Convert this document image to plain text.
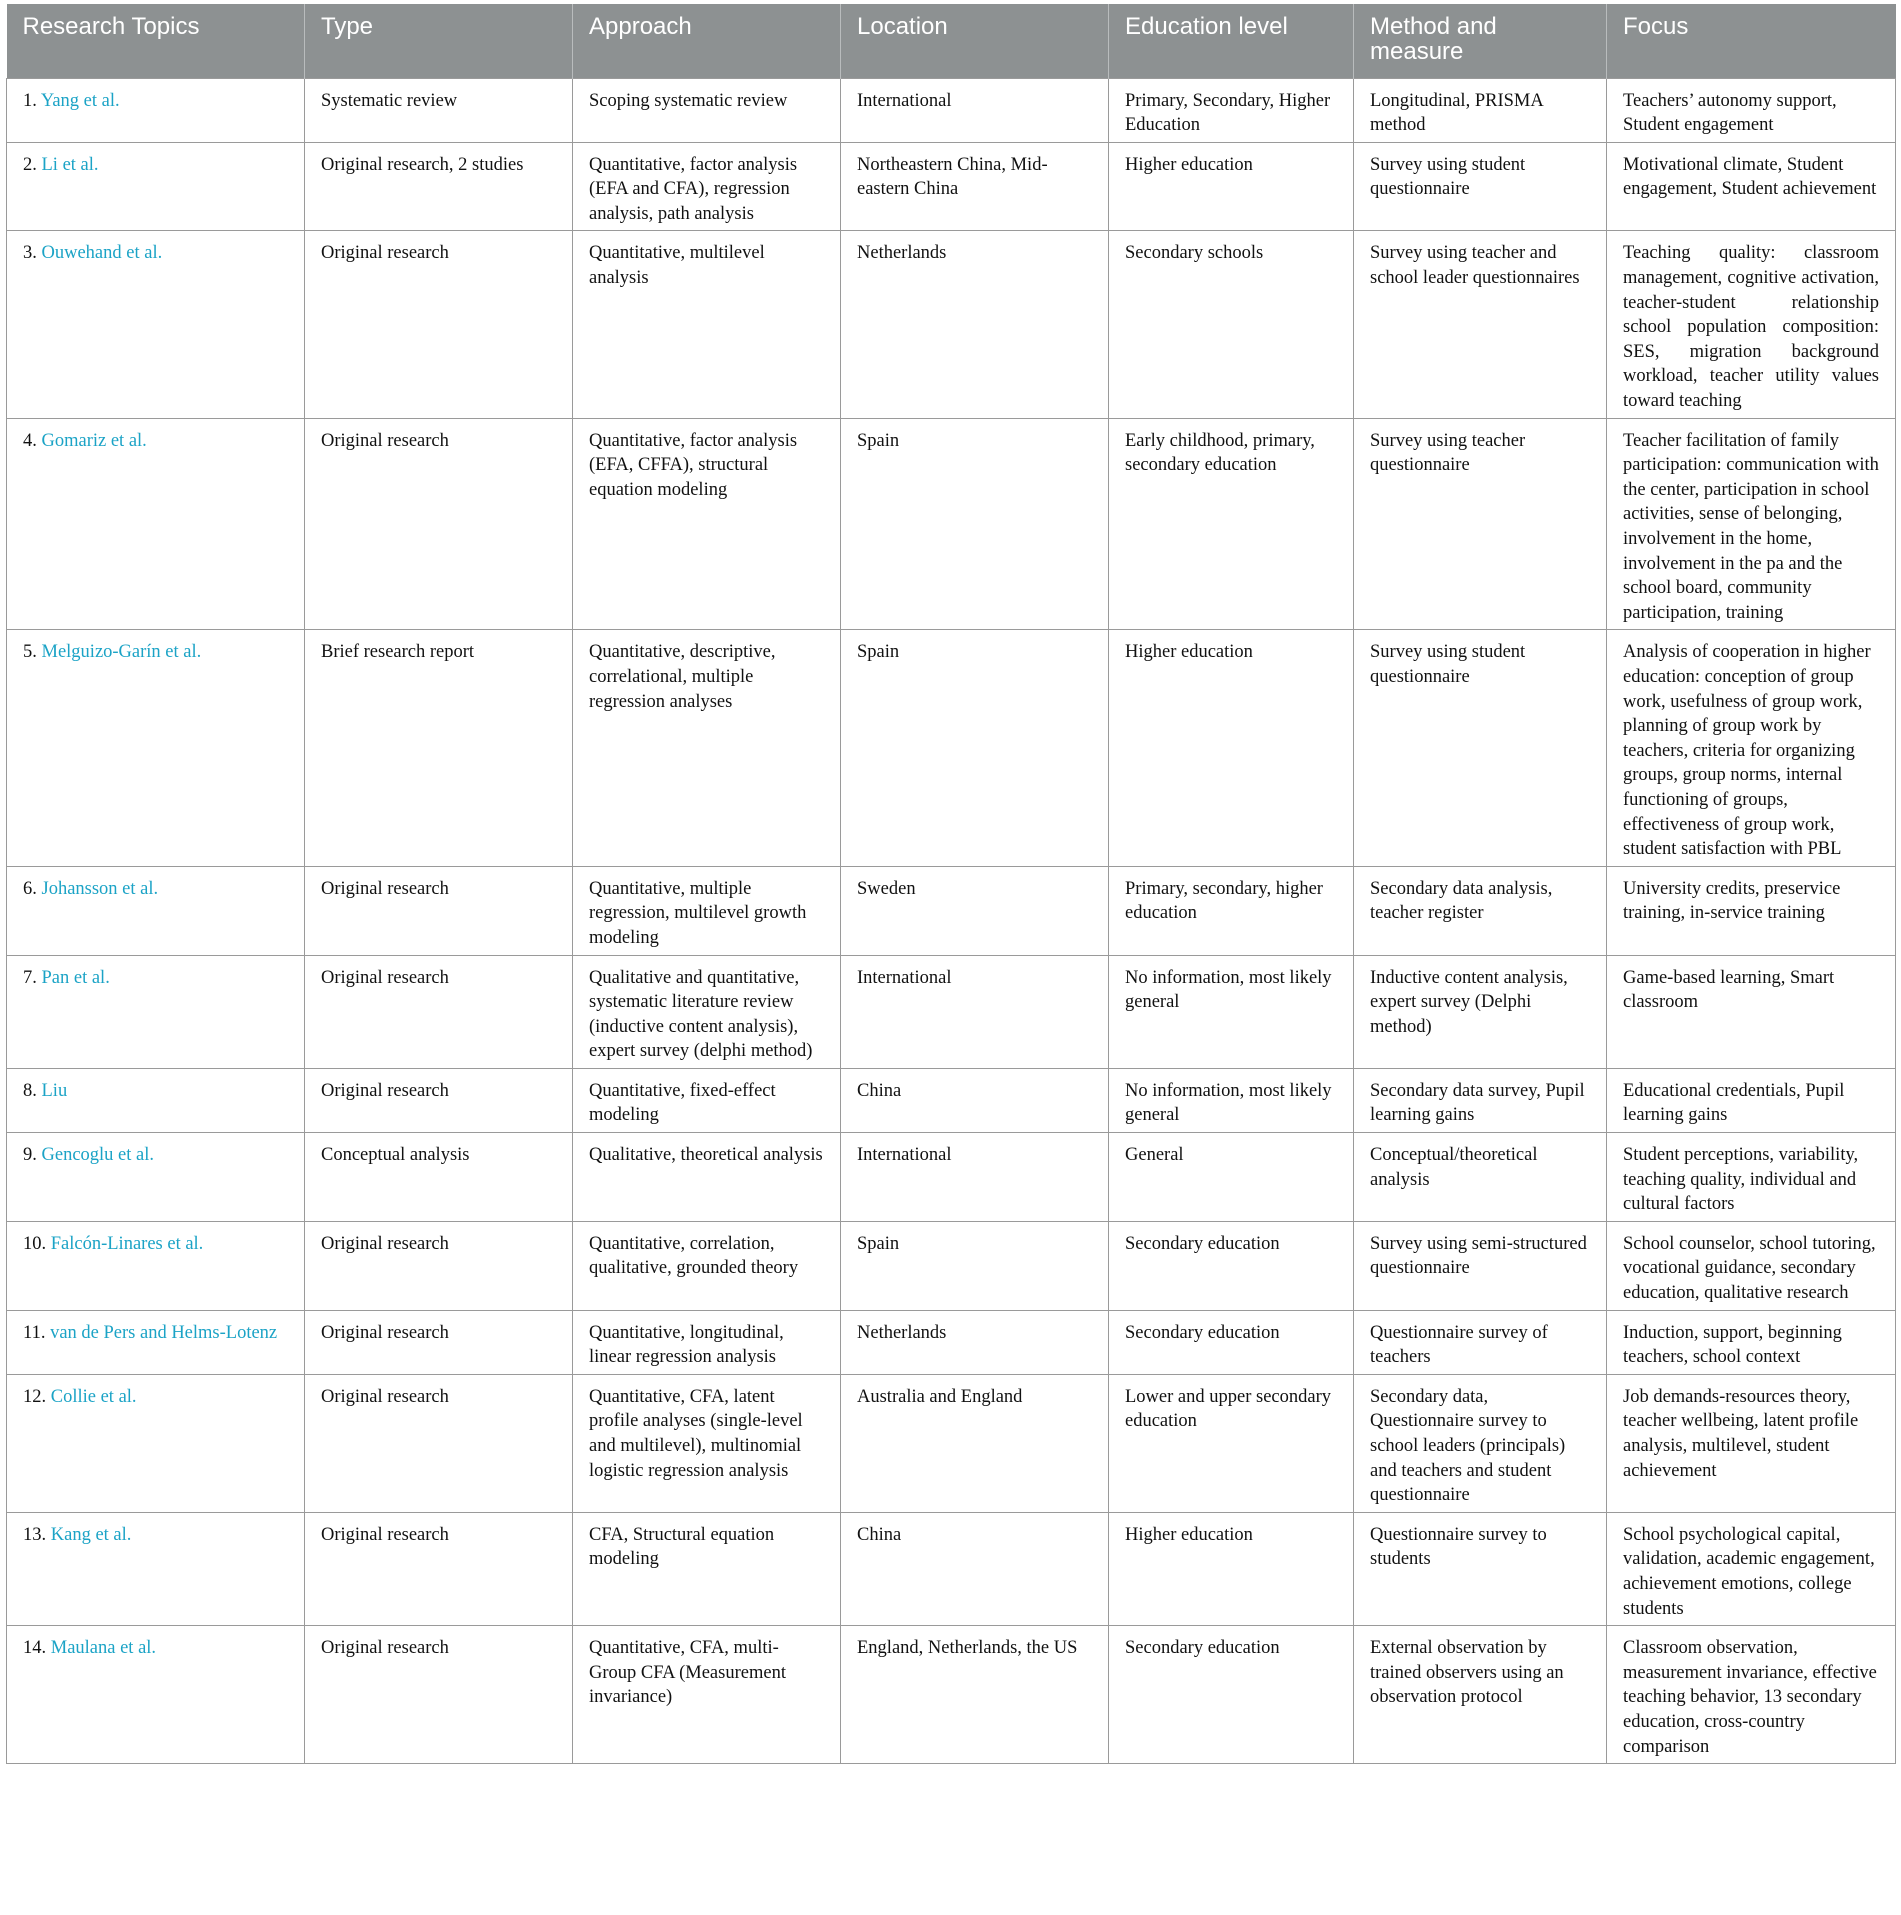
Research Topics	Type	Approach	Location	Education level	Method and measure	Focus
1. Yang et al.	Systematic review	Scoping systematic review	International	Primary, Secondary, Higher Education	Longitudinal, PRISMA method	Teachers’ autonomy support, Student engagement
2. Li et al.	Original research, 2 studies	Quantitative, factor analysis (EFA and CFA), regression analysis, path analysis	Northeastern China, Mid-eastern China	Higher education	Survey using student questionnaire	Motivational climate, Student engagement, Student achievement
3. Ouwehand et al.	Original research	Quantitative, multilevel analysis	Netherlands	Secondary schools	Survey using teacher and school leader questionnaires	Teaching quality: classroom management, cognitive activation, teacher-student relationship school population composition: SES, migration background workload, teacher utility values toward teaching
4. Gomariz et al.	Original research	Quantitative, factor analysis (EFA, CFFA), structural equation modeling	Spain	Early childhood, primary, secondary education	Survey using teacher questionnaire	Teacher facilitation of family participation: communication with the center, participation in school activities, sense of belonging, involvement in the home, involvement in the pa and the school board, community participation, training
5. Melguizo-Garín et al.	Brief research report	Quantitative, descriptive, correlational, multiple regression analyses	Spain	Higher education	Survey using student questionnaire	Analysis of cooperation in higher education: conception of group work, usefulness of group work, planning of group work by teachers, criteria for organizing groups, group norms, internal functioning of groups, effectiveness of group work, student satisfaction with PBL
6. Johansson et al.	Original research	Quantitative, multiple regression, multilevel growth modeling	Sweden	Primary, secondary, higher education	Secondary data analysis, teacher register	University credits, preservice training, in-service training
7. Pan et al.	Original research	Qualitative and quantitative, systematic literature review (inductive content analysis), expert survey (delphi method)	International	No information, most likely general	Inductive content analysis, expert survey (Delphi method)	Game-based learning, Smart classroom
8. Liu	Original research	Quantitative, fixed-effect modeling	China	No information, most likely general	Secondary data survey, Pupil learning gains	Educational credentials, Pupil learning gains
9. Gencoglu et al.	Conceptual analysis	Qualitative, theoretical analysis	International	General	Conceptual/theoretical analysis	Student perceptions, variability, teaching quality, individual and cultural factors
10. Falcón-Linares et al.	Original research	Quantitative, correlation, qualitative, grounded theory	Spain	Secondary education	Survey using semi-structured questionnaire	School counselor, school tutoring, vocational guidance, secondary education, qualitative research
11. van de Pers and Helms-Lotenz	Original research	Quantitative, longitudinal, linear regression analysis	Netherlands	Secondary education	Questionnaire survey of teachers	Induction, support, beginning teachers, school context
12. Collie et al.	Original research	Quantitative, CFA, latent profile analyses (single-level and multilevel), multinomial logistic regression analysis	Australia and England	Lower and upper secondary education	Secondary data, Questionnaire survey to school leaders (principals) and teachers and student questionnaire	Job demands-resources theory, teacher wellbeing, latent profile analysis, multilevel, student achievement
13. Kang et al.	Original research	CFA, Structural equation modeling	China	Higher education	Questionnaire survey to students	School psychological capital, validation, academic engagement, achievement emotions, college students
14. Maulana et al.	Original research	Quantitative, CFA, multi-Group CFA (Measurement invariance)	England, Netherlands, the US	Secondary education	External observation by trained observers using an observation protocol	Classroom observation, measurement invariance, effective teaching behavior, 13 secondary education, cross-country comparison
